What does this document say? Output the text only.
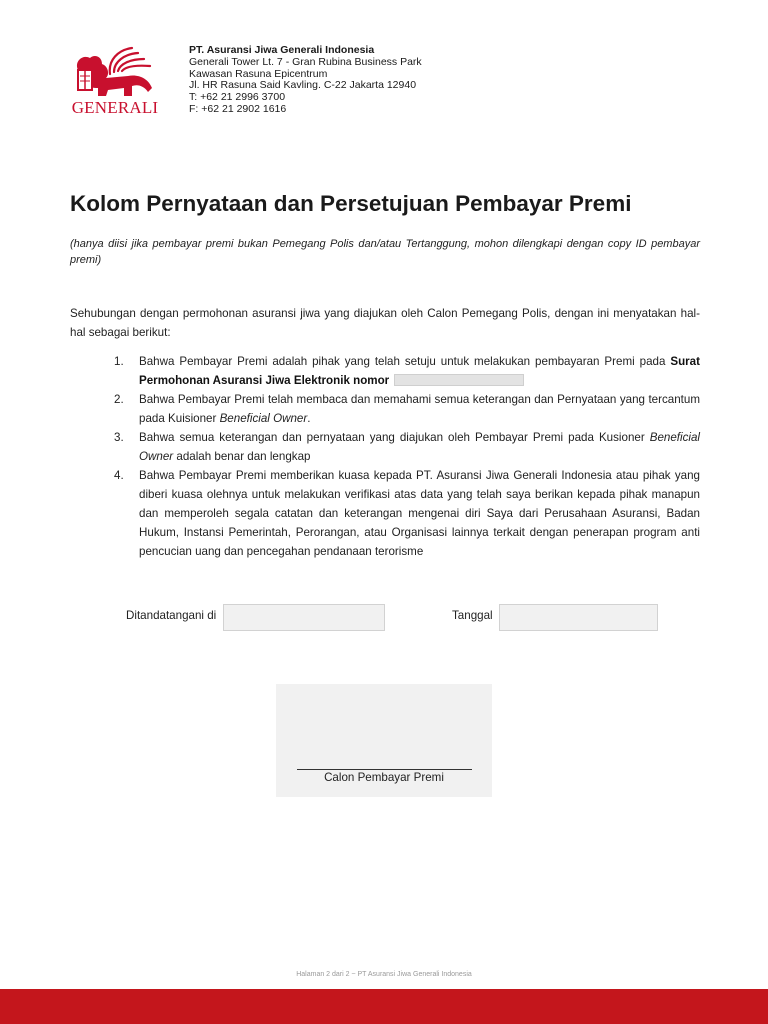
GENERALI
PT. Asuransi Jiwa Generali Indonesia
Generali Tower Lt. 7 - Gran Rubina Business Park
Kawasan Rasuna Epicentrum
Jl. HR Rasuna Said Kavling. C-22 Jakarta 12940
T: +62 21 2996 3700
F: +62 21 2902 1616
Kolom Pernyataan dan Persetujuan Pembayar Premi
(hanya diisi jika pembayar premi bukan Pemegang Polis dan/atau Tertanggung, mohon dilengkapi dengan copy ID pembayar premi)
Sehubungan dengan permohonan asuransi jiwa yang diajukan oleh Calon Pemegang Polis, dengan ini menyatakan hal-hal sebagai berikut:
1. Bahwa Pembayar Premi adalah pihak yang telah setuju untuk melakukan pembayaran Premi pada Surat Permohonan Asuransi Jiwa Elektronik nomor
2. Bahwa Pembayar Premi telah membaca dan memahami semua keterangan dan Pernyataan yang tercantum pada Kuisioner Beneficial Owner.
3. Bahwa semua keterangan dan pernyataan yang diajukan oleh Pembayar Premi pada Kusioner Beneficial Owner adalah benar dan lengkap
4. Bahwa Pembayar Premi memberikan kuasa kepada PT. Asuransi Jiwa Generali Indonesia atau pihak yang diberi kuasa olehnya untuk melakukan verifikasi atas data yang telah saya berikan kepada pihak manapun dan memperoleh segala catatan dan keterangan mengenai diri Saya dari Perusahaan Asuransi, Badan Hukum, Instansi Pemerintah, Perorangan, atau Organisasi lainnya terkait dengan penerapan program anti pencucian uang dan pencegahan pendanaan terorisme
Ditandatangani di	Tanggal
Calon Pembayar Premi
Halaman 2 dari 2 ~ PT Asuransi Jiwa Generali Indonesia
